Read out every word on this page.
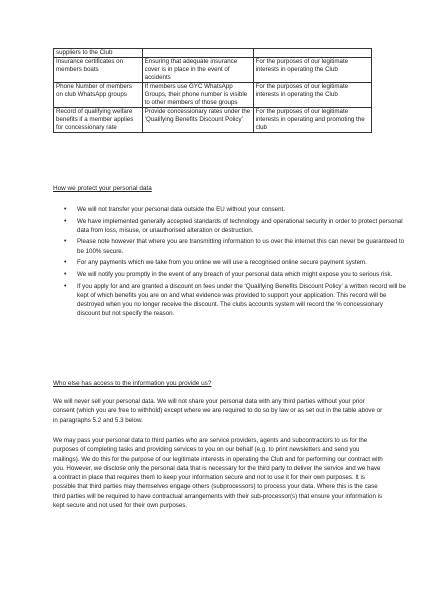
suppliers to the Club		
Insurance certificates on members boats	Ensuring that adequate insurance cover is in place in the event of accidents	For the purposes of our legitimate interests in operating the Club
Phone Number of members on club WhatsApp groups	If members use GYC WhatsApp Groups, their phone number is visible to other members of those groups	For the purposes of our legitimate interests in operating the Club
Record of qualifying welfare benefits if a member applies for concessionary rate	Provide concessionary rates under the ‘Qualifying Benefits Discount Policy’	For the purposes of our legitimate interests in operating and promoting the club
How we protect your personal data
• We will not transfer your personal data outside the EU without your consent.
• We have implemented generally accepted standards of technology and operational security in order to protect personal data from loss, misuse, or unauthorised alteration or destruction.
• Please note however that where you are transmitting information to us over the internet this can never be guaranteed to be 100% secure.
• For any payments which we take from you online we will use a recognised online secure payment system.
• We will notify you promptly in the event of any breach of your personal data which might expose you to serious risk.
• If you apply for and are granted a discount on fees under the ‘Qualifying Benefits Discount Policy’ a written record will be kept of which benefits you are on and what evidence was provided to support your application. This record will be destroyed when you no longer receive the discount. The clubs accounts system will record the % concessionary discount but not specify the reason.
Who else has access to the information you provide us?

We will never sell your personal data. We will not share your personal data with any third parties without your prior consent (which you are free to withhold) except where we are required to do so by law or as set out in the table above or in paragraphs 5.2 and 5.3 below.

We may pass your personal data to third parties who are service providers, agents and subcontractors to us for the purposes of completing tasks and providing services to you on our behalf (e.g. to print newsletters and send you mailings). We do this for the purpose of our legitimate interests in operating the Club and for performing our contract with you. However, we disclose only the personal data that is necessary for the third party to deliver the service and we have a contract in place that requires them to keep your information secure and not to use it for their own purposes. It is possible that third parties may themselves engage others (subprocessors) to process your data. Where this is the case third parties will be required to have contractual arrangements with their sub-processor(s) that ensure your information is kept secure and not used for their own purposes.
